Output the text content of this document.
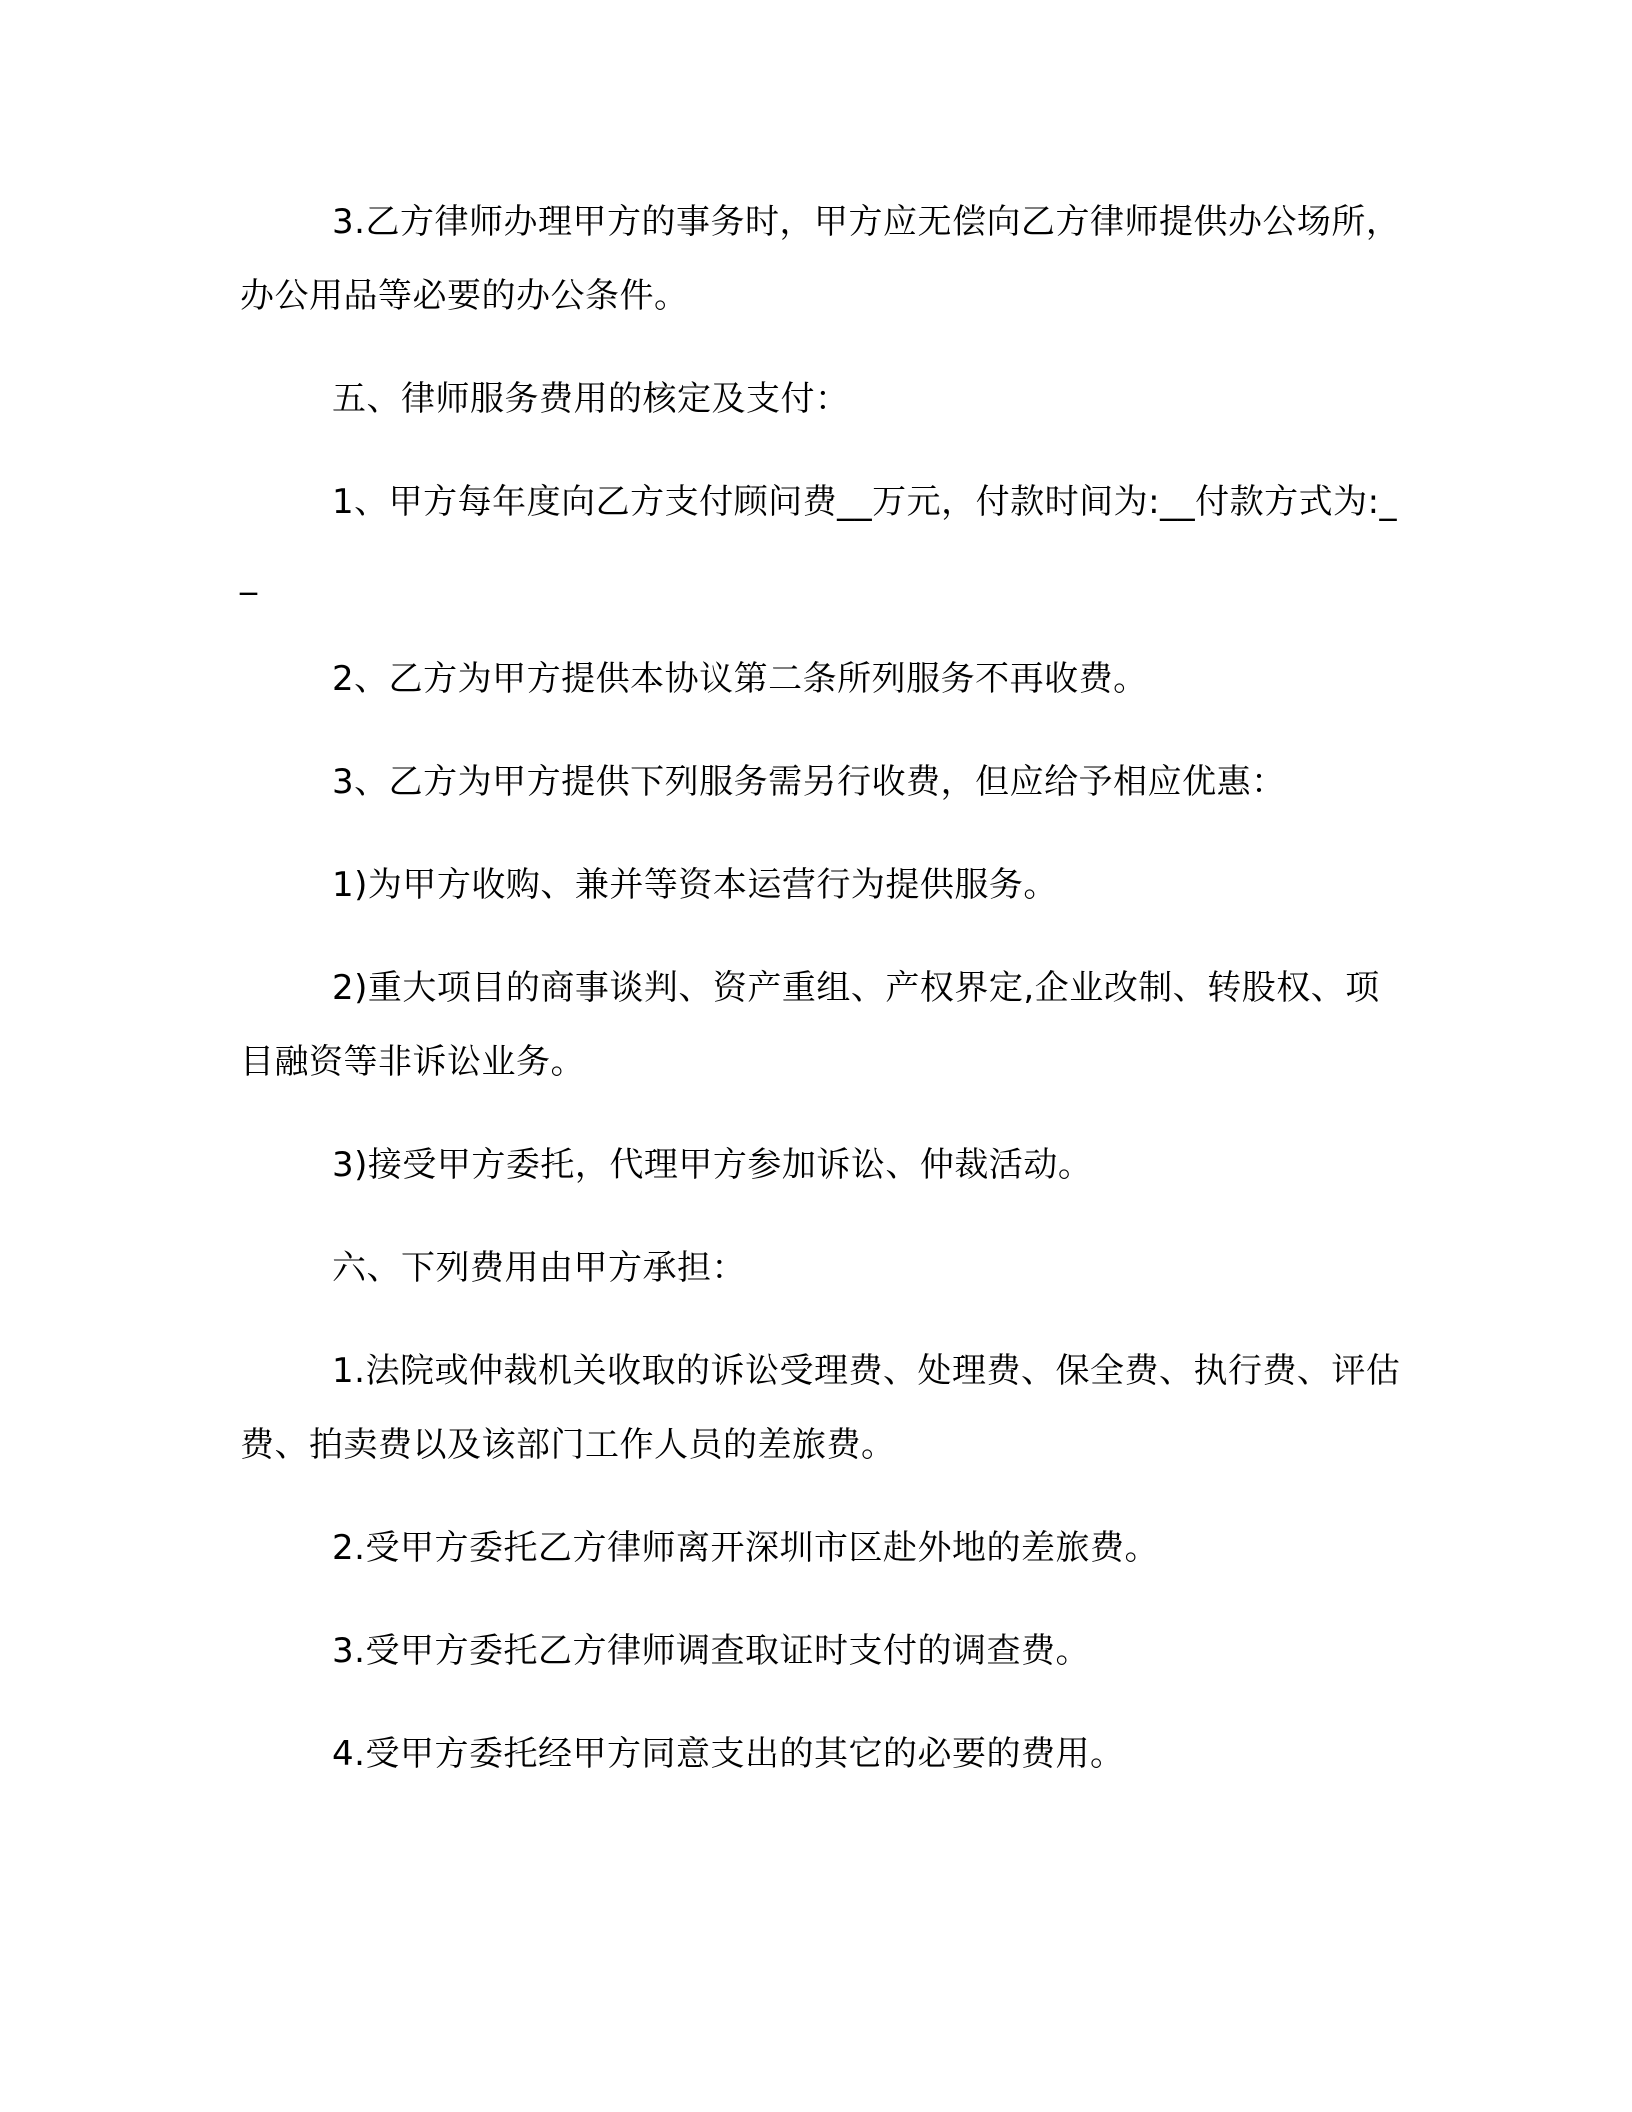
3.乙方律师办理甲方的事务时，甲方应无偿向乙方律师提供办公场所，办公用品等必要的办公条件。

五、律师服务费用的核定及支付：

1、甲方每年度向乙方支付顾问费__万元，付款时间为:__付款方式为:__

2、乙方为甲方提供本协议第二条所列服务不再收费。

3、乙方为甲方提供下列服务需另行收费，但应给予相应优惠：

1)为甲方收购、兼并等资本运营行为提供服务。

2)重大项目的商事谈判、资产重组、产权界定,企业改制、转股权、项目融资等非诉讼业务。

3)接受甲方委托，代理甲方参加诉讼、仲裁活动。

六、下列费用由甲方承担：

1.法院或仲裁机关收取的诉讼受理费、处理费、保全费、执行费、评估费、拍卖费以及该部门工作人员的差旅费。

2.受甲方委托乙方律师离开深圳市区赴外地的差旅费。

3.受甲方委托乙方律师调查取证时支付的调查费。

4.受甲方委托经甲方同意支出的其它的必要的费用。
